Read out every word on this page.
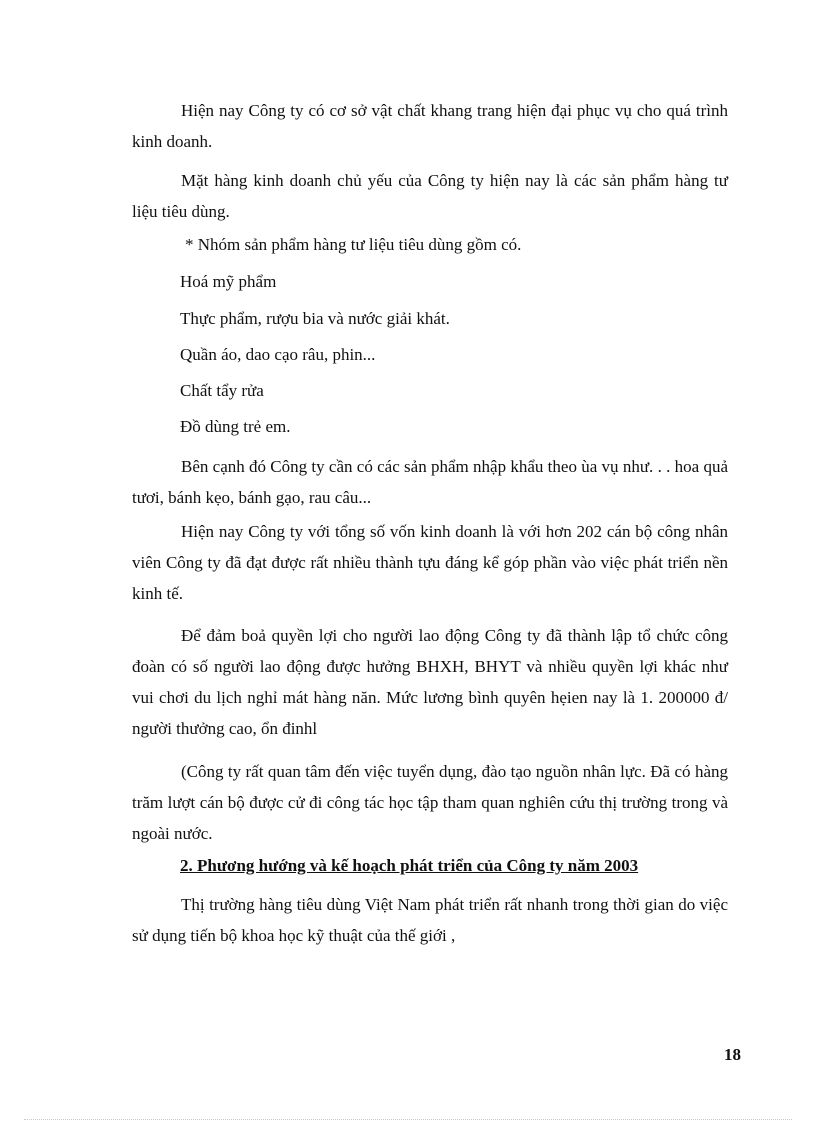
Hiện nay Công ty có cơ sở vật chất khang trang hiện đại phục vụ cho quá trình kinh doanh.

Mặt hàng kinh doanh chủ yếu của Công ty hiện nay là các sản phẩm hàng tư liệu tiêu dùng.

* Nhóm sản phẩm hàng tư liệu tiêu dùng gồm có.
Hoá mỹ phẩm
Thực phẩm, rượu bia và nước giải khát.
Quần áo, dao cạo râu, phin...
Chất tẩy rửa
Đồ dùng trẻ em.

Bên cạnh đó Công ty cần có các sản phẩm nhập khẩu theo ùa vụ như. . . hoa quả tươi, bánh kẹo, bánh gạo, rau câu...

Hiện nay Công ty với tổng số vốn kinh doanh là với hơn 202 cán bộ công nhân viên Công ty đã đạt được rất nhiều thành tựu đáng kể góp phần vào việc phát triển nền kinh tế.

Để đảm boả quyền lợi cho người lao động Công ty đã thành lập tổ chức công đoàn có số người lao động được hưởng BHXH, BHYT và nhiều quyền lợi khác như vui chơi du lịch nghỉ mát hàng năn. Mức lương bình quyên hẹien nay là 1. 200000 đ/ người thưởng cao, ổn đinhl

(Công ty rất quan tâm đến việc tuyển dụng, đào tạo nguồn nhân lực. Đã có hàng trăm lượt cán bộ được cử đi công tác học tập tham quan nghiên cứu thị trường trong và ngoài nước.

2. Phương hướng và kế hoạch phát triển của Công ty năm 2003

Thị trường hàng tiêu dùng Việt Nam phát triển rất nhanh trong thời gian do việc sử dụng tiến bộ khoa học kỹ thuật của thế giới ,

18
